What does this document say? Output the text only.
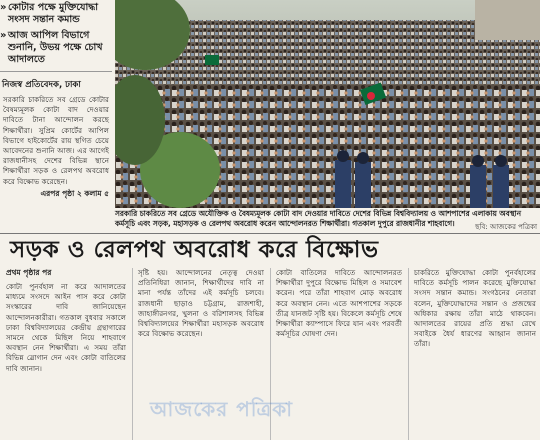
» কোটার পক্ষে মুক্তিযোদ্ধা সংসদ সন্তান কমান্ড
» আজ আপিল বিভাগে শুনানি, উভয় পক্ষে চোখ আদালতে
নিজস্ব প্রতিবেদক, ঢাকা
সরকারি চাকরিতে সব গ্রেডে কোটার বৈষম্যমূলক কোটা বাদ দেওয়ার দাবিতে টানা আন্দোলন করছে শিক্ষার্থীরা। সুপ্রিম কোর্টের আপিল বিভাগে হাইকোর্টের রায় স্থগিত চেয়ে আবেদনের শুনানি আজ। এর আগেই রাজধানীসহ দেশের বিভিন্ন স্থানে শিক্ষার্থীরা সড়ক ও রেলপথ অবরোধ করে বিক্ষোভ করেছেন।
এরপর পৃষ্ঠা ২ কলাম ৫
সরকারি চাকরিতে সব গ্রেডে অযৌক্তিক ও বৈষম্যমূলক কোটা বাদ দেওয়ার দাবিতে দেশের বিভিন্ন বিশ্ববিদ্যালয় ও আশপাশের এলাকায় অবস্থান কর্মসূচি এবং সড়ক, মহাসড়ক ও রেলপথ অবরোধ করেন আন্দোলনরত শিক্ষার্থীরা। গতকাল দুপুরে রাজধানীর শাহবাগে।	ছবি: আজকের পত্রিকা
সড়ক ও রেলপথ অবরোধ করে বিক্ষোভ
প্রথম পৃষ্ঠার পর
কোটা পুনর্বহাল না করে আদালতের মাধ্যমে সংসদে আইন পাস করে কোটা সংস্কারের দাবি জানিয়েছেন আন্দোলনকারীরা। গতকাল বুধবার সকালে ঢাকা বিশ্ববিদ্যালয়ের কেন্দ্রীয় গ্রন্থাগারের সামনে থেকে মিছিল নিয়ে শাহবাগে অবস্থান নেন শিক্ষার্থীরা। এ সময় তাঁরা বিভিন্ন স্লোগান দেন এবং কোটা বাতিলের দাবি জানান।
সৃষ্টি হয়। আন্দোলনের নেতৃত্ব দেওয়া প্রতিনিধিরা জানান, শিক্ষার্থীদের দাবি না মানা পর্যন্ত তাঁদের এই কর্মসূচি চলবে। রাজধানী ছাড়াও চট্টগ্রাম, রাজশাহী, জাহাঙ্গীরনগর, খুলনা ও বরিশালসহ বিভিন্ন বিশ্ববিদ্যালয়ের শিক্ষার্থীরা মহাসড়ক অবরোধ করে বিক্ষোভ করেছেন।
কোটা বাতিলের দাবিতে আন্দোলনরত শিক্ষার্থীরা দুপুরে বিক্ষোভ মিছিল ও সমাবেশ করেন। পরে তাঁরা শাহবাগ মোড় অবরোধ করে অবস্থান নেন। এতে আশপাশের সড়কে তীব্র যানজট সৃষ্টি হয়। বিকেলে কর্মসূচি শেষে শিক্ষার্থীরা ক্যাম্পাসে ফিরে যান এবং পরবর্তী কর্মসূচির ঘোষণা দেন।
চাকরিতে মুক্তিযোদ্ধা কোটা পুনর্বহালের দাবিতে কর্মসূচি পালন করেছে মুক্তিযোদ্ধা সংসদ সন্তান কমান্ড। সংগঠনের নেতারা বলেন, মুক্তিযোদ্ধাদের সন্তান ও প্রজন্মের অধিকার রক্ষায় তাঁরা মাঠে থাকবেন। আদালতের রায়ের প্রতি শ্রদ্ধা রেখে সবাইকে ধৈর্য ধারণের আহ্বান জানান তাঁরা।
আজকের পত্রিকা
